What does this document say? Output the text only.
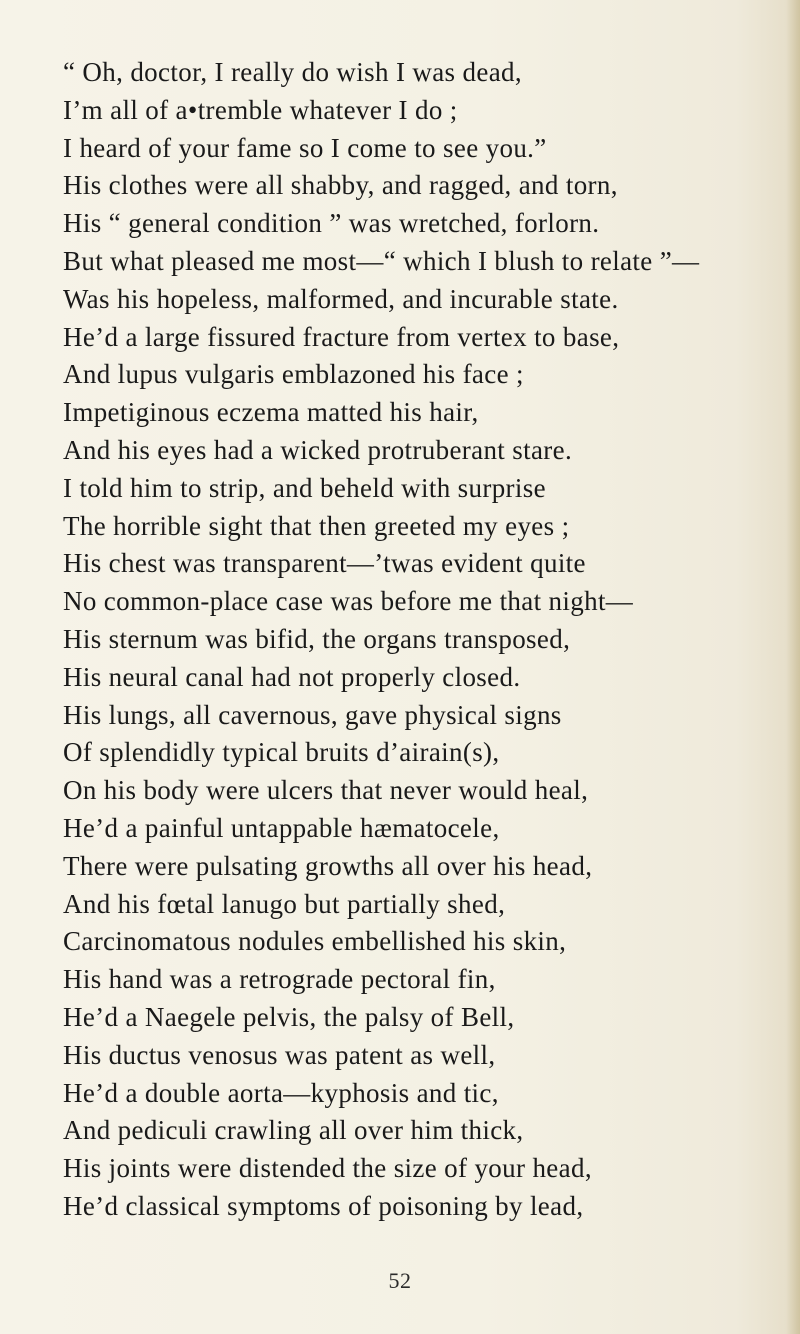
“ Oh, doctor, I really do wish I was dead,
I’m all of a•tremble whatever I do ;
I heard of your fame so I come to see you.”
His clothes were all shabby, and ragged, and torn,
His “ general condition ” was wretched, forlorn.
But what pleased me most—“ which I blush to relate ”—
Was his hopeless, malformed, and incurable state.
He’d a large fissured fracture from vertex to base,
And lupus vulgaris emblazoned his face ;
Impetiginous eczema matted his hair,
And his eyes had a wicked protruberant stare.
I told him to strip, and beheld with surprise
The horrible sight that then greeted my eyes ;
His chest was transparent—’twas evident quite
No common-place case was before me that night—
His sternum was bifid, the organs transposed,
His neural canal had not properly closed.
His lungs, all cavernous, gave physical signs
Of splendidly typical bruits d’airain(s),
On his body were ulcers that never would heal,
He’d a painful untappable hæmatocele,
There were pulsating growths all over his head,
And his fœtal lanugo but partially shed,
Carcinomatous nodules embellished his skin,
His hand was a retrograde pectoral fin,
He’d a Naegele pelvis, the palsy of Bell,
His ductus venosus was patent as well,
He’d a double aorta—kyphosis and tic,
And pediculi crawling all over him thick,
His joints were distended the size of your head,
He’d classical symptoms of poisoning by lead,
52
